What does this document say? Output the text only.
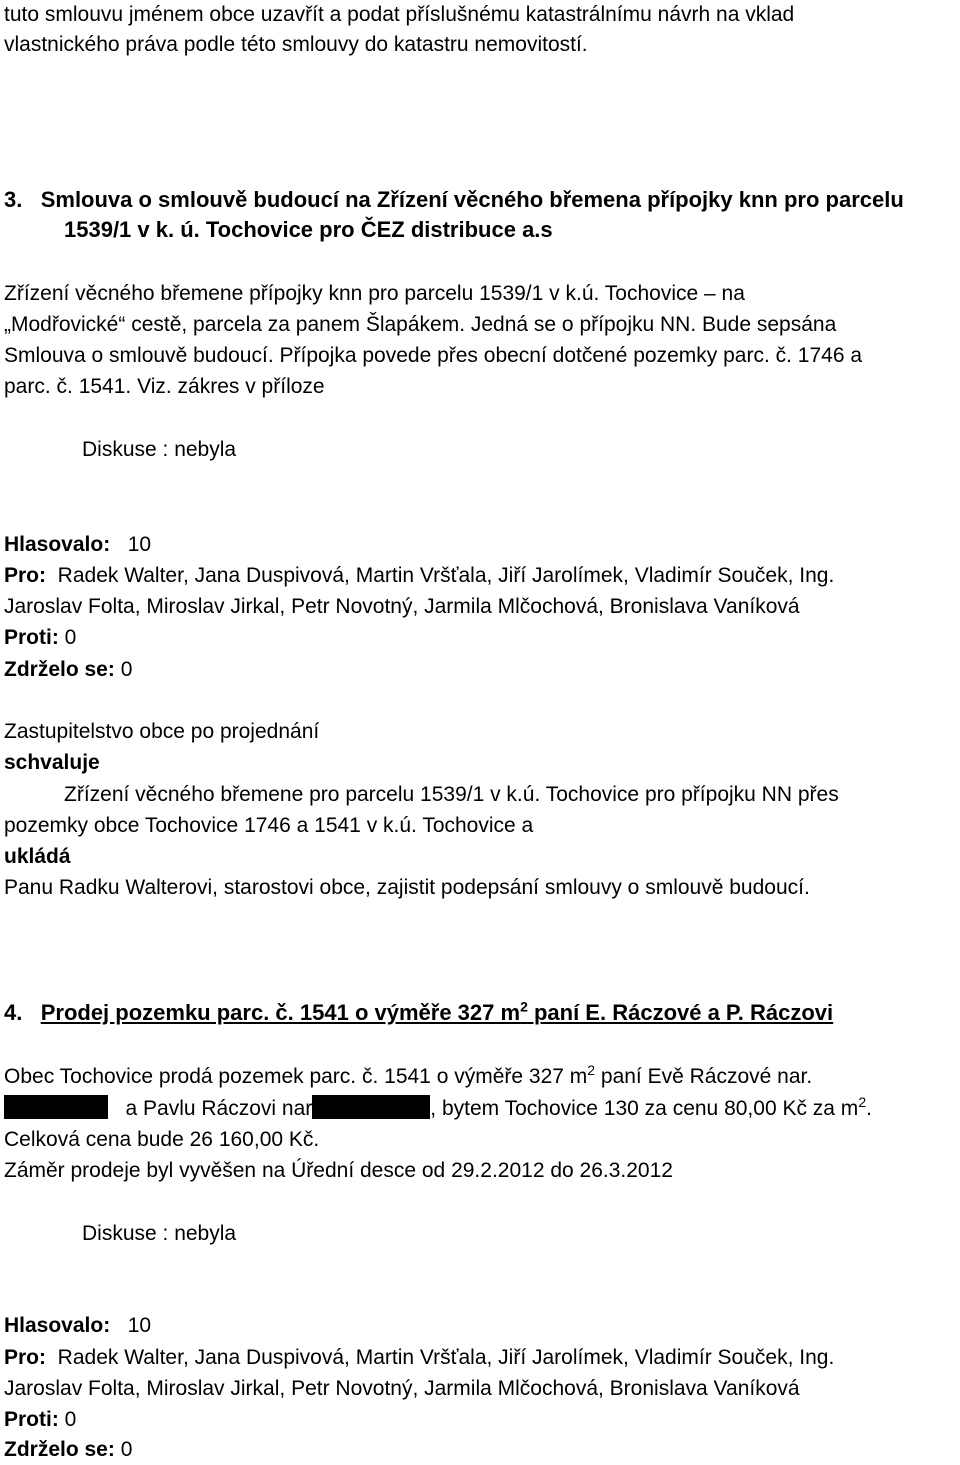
tuto smlouvu jménem obce uzavřít a podat příslušnému katastrálnímu návrh na vklad
vlastnického práva podle této smlouvy do katastru nemovitostí.
3. Smlouva o smlouvě budoucí na Zřízení věcného břemena přípojky knn pro parcelu
1539/1 v k. ú. Tochovice pro ČEZ distribuce a.s
Zřízení věcného břemene přípojky knn pro parcelu 1539/1 v k.ú. Tochovice – na
„Modřovické“ cestě, parcela za panem Šlapákem. Jedná se o přípojku NN. Bude sepsána
Smlouva o smlouvě budoucí. Přípojka povede přes obecní dotčené pozemky parc. č. 1746 a
parc. č. 1541. Viz. zákres v příloze
Diskuse : nebyla
Hlasovalo: 10
Pro: Radek Walter, Jana Duspivová, Martin Vršťala, Jiří Jarolímek, Vladimír Souček, Ing.
Jaroslav Folta, Miroslav Jirkal, Petr Novotný, Jarmila Mlčochová, Bronislava Vaníková
Proti: 0
Zdrželo se: 0
Zastupitelstvo obce po projednání
schvaluje
Zřízení věcného břemene pro parcelu 1539/1 v k.ú. Tochovice pro přípojku NN přes
pozemky obce Tochovice 1746 a 1541 v k.ú. Tochovice a
ukládá
Panu Radku Walterovi, starostovi obce, zajistit podepsání smlouvy o smlouvě budoucí.
4. Prodej pozemku parc. č. 1541 o výměře 327 $m^2$ paní E. Ráczové a P. Ráczovi
Obec Tochovice prodá pozemek parc. č. 1541 o výměře 327 $m^2$ paní Evě Ráczové nar.
a Pavlu Ráczovi nar	, bytem Tochovice 130 za cenu 80,00 Kč za $m^2$.
Celková cena bude 26 160,00 Kč.
Záměr prodeje byl vyvěšen na Úřední desce od 29.2.2012 do 26.3.2012
Diskuse : nebyla
Hlasovalo: 10
Pro: Radek Walter, Jana Duspivová, Martin Vršťala, Jiří Jarolímek, Vladimír Souček, Ing.
Jaroslav Folta, Miroslav Jirkal, Petr Novotný, Jarmila Mlčochová, Bronislava Vaníková
Proti: 0
Zdrželo se: 0
